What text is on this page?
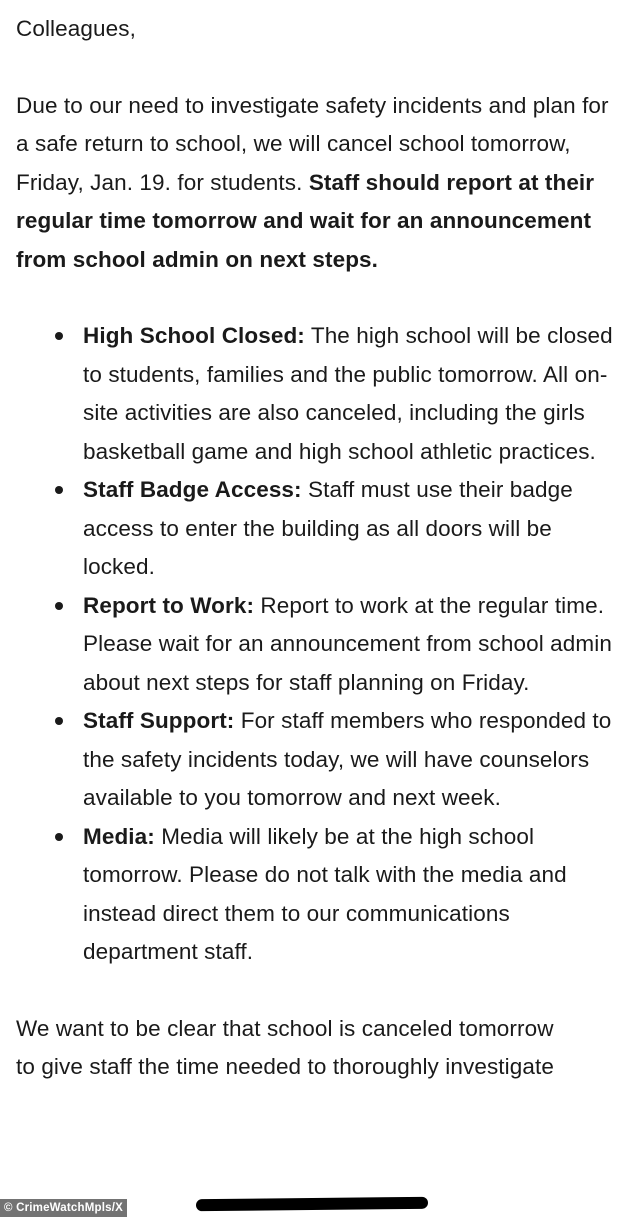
Colleagues,

Due to our need to investigate safety incidents and plan for a safe return to school, we will cancel school tomorrow, Friday, Jan. 19. for students. Staff should report at their regular time tomorrow and wait for an announcement from school admin on next steps.

High School Closed: The high school will be closed to students, families and the public tomorrow. All on-site activities are also canceled, including the girls basketball game and high school athletic practices.
Staff Badge Access: Staff must use their badge access to enter the building as all doors will be locked.
Report to Work: Report to work at the regular time. Please wait for an announcement from school admin about next steps for staff planning on Friday.
Staff Support: For staff members who responded to the safety incidents today, we will have counselors available to you tomorrow and next week.
Media: Media will likely be at the high school tomorrow. Please do not talk with the media and instead direct them to our communications department staff.

We want to be clear that school is canceled tomorrow
to give staff the time needed to thoroughly investigate

© CrimeWatchMpls/X
